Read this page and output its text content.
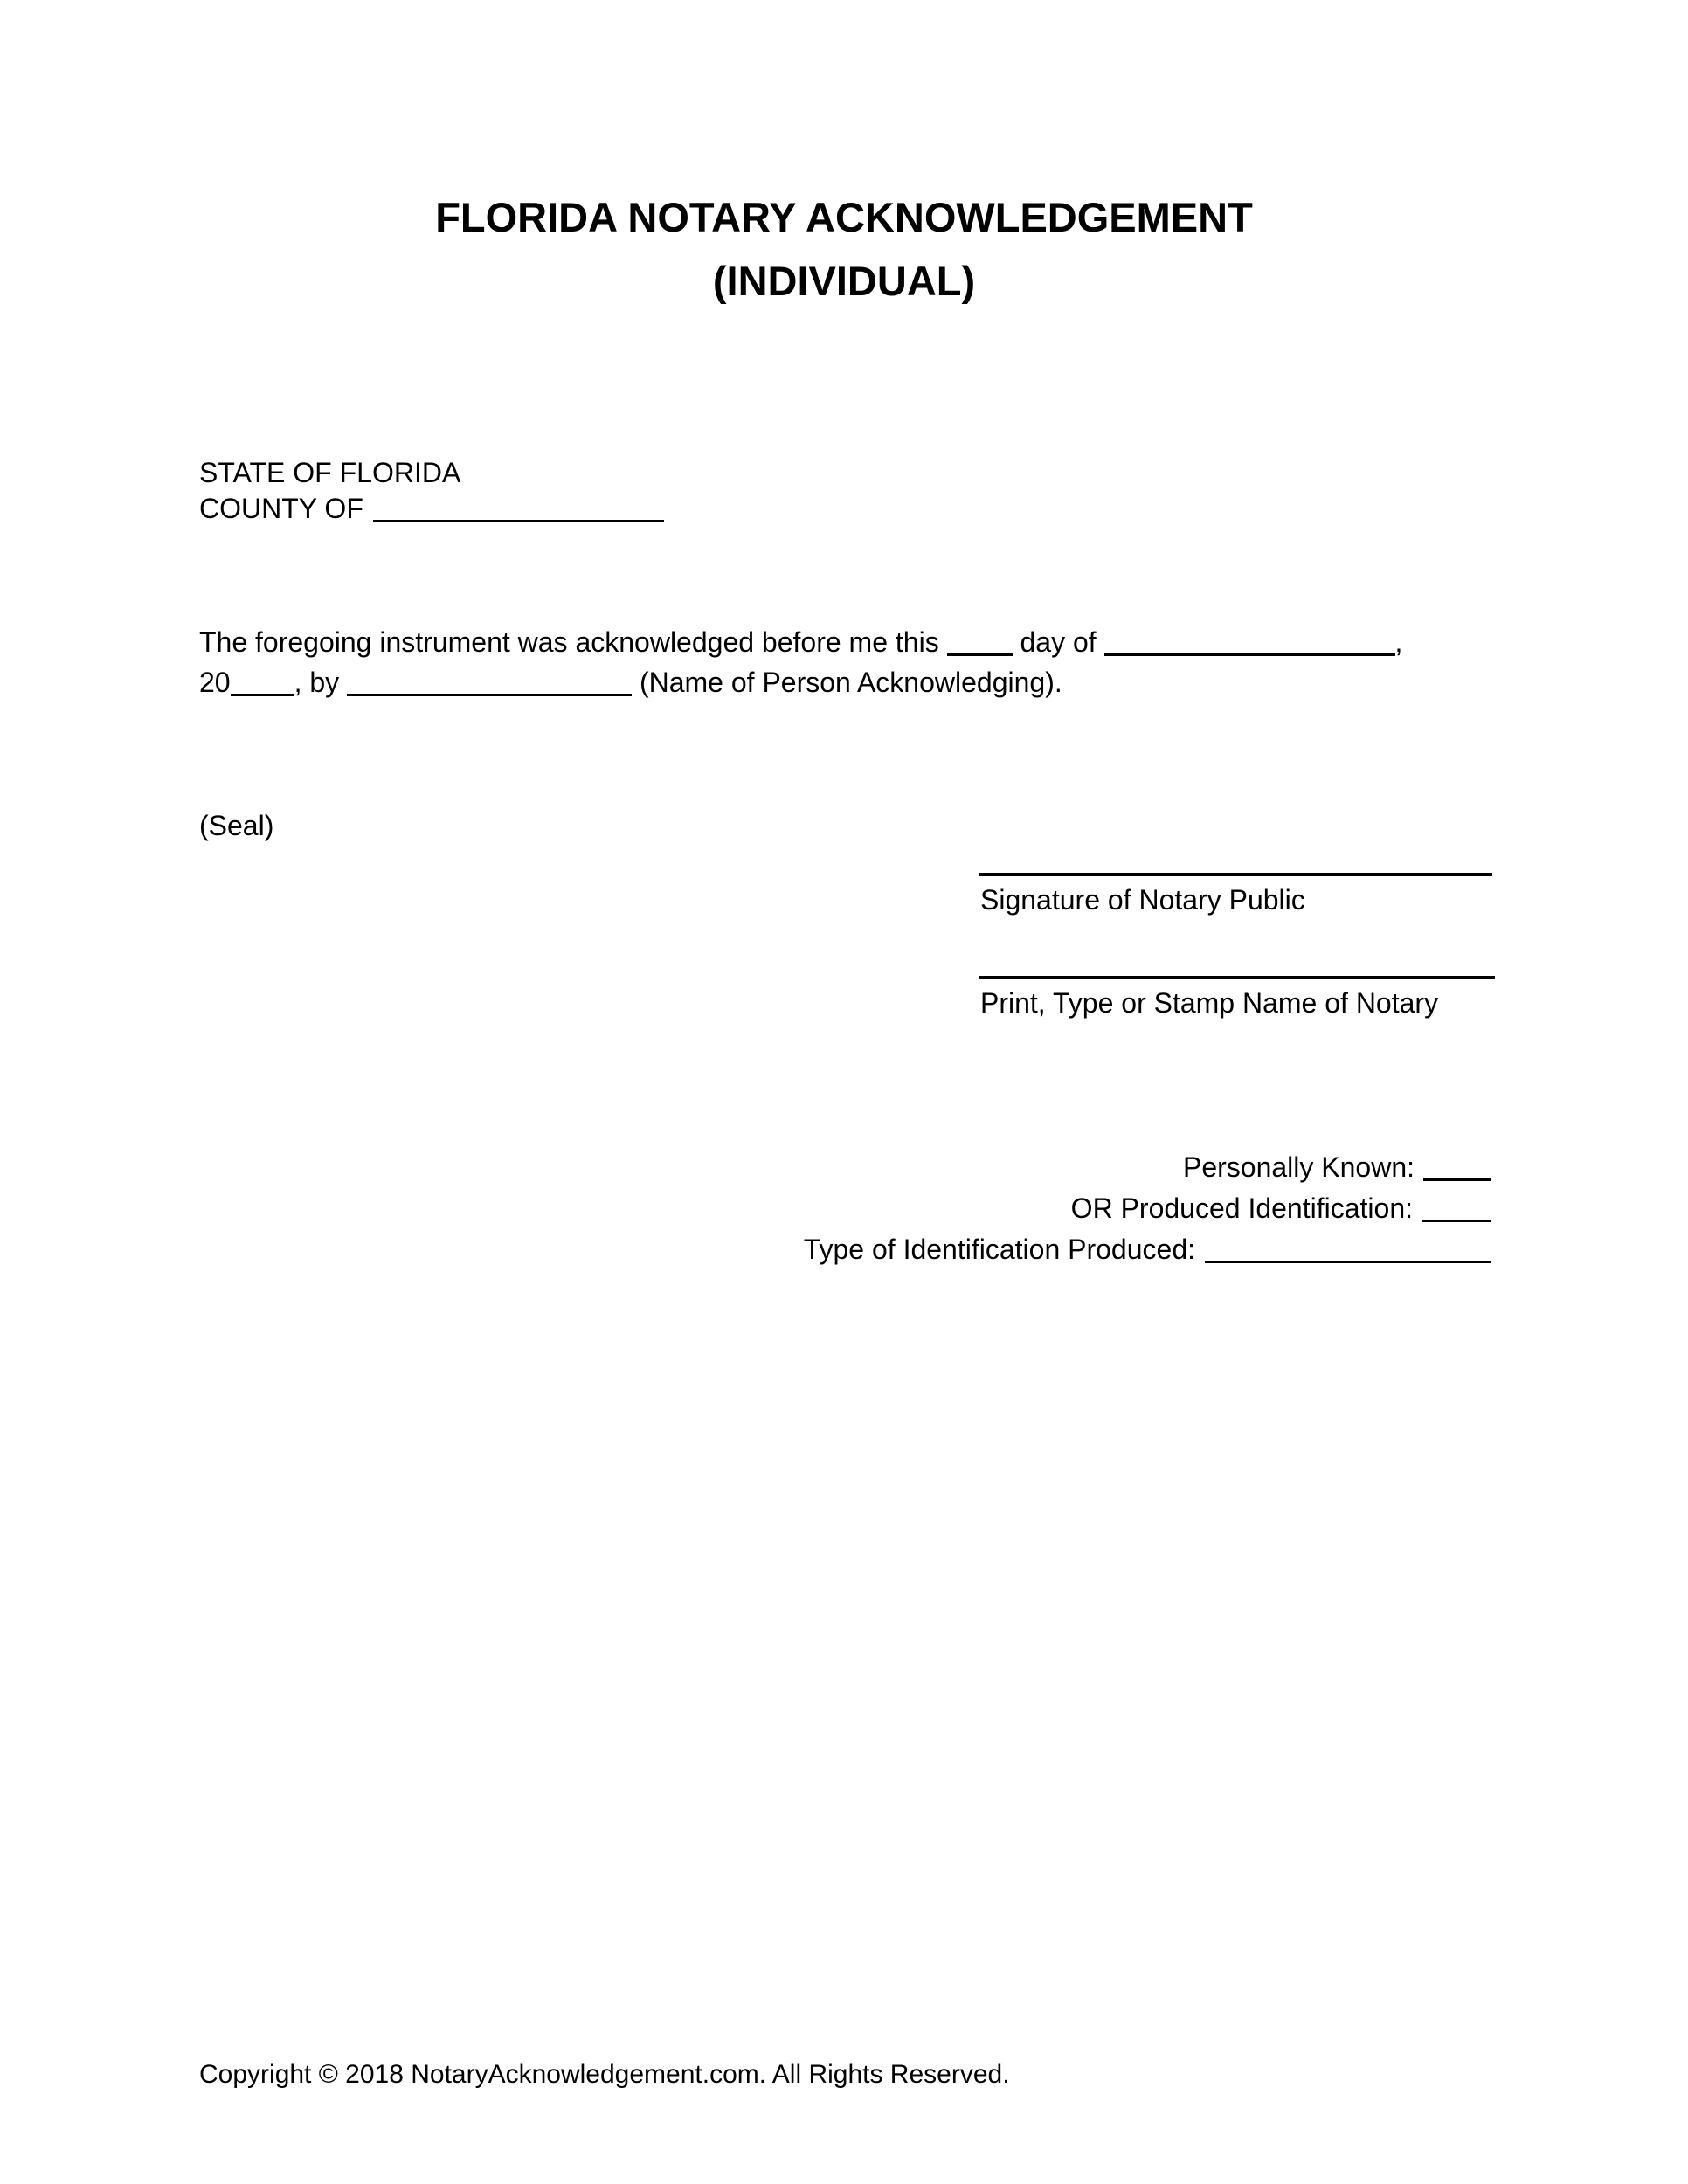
FLORIDA NOTARY ACKNOWLEDGEMENT
(INDIVIDUAL)
STATE OF FLORIDA
COUNTY OF
The foregoing instrument was acknowledged before me this	day of	,
20 , by	(Name of Person Acknowledging).
(Seal)
Signature of Notary Public
Print, Type or Stamp Name of Notary
Personally Known:
OR Produced Identification:
Type of Identification Produced:
Copyright © 2018 NotaryAcknowledgement.com. All Rights Reserved.
